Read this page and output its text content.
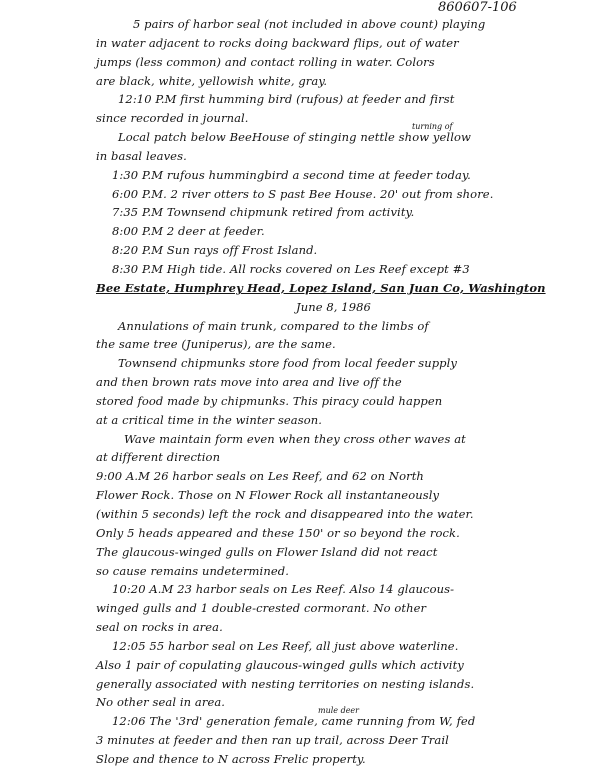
860607-106
turning of
mule deer
5 pairs of harbor seal (not included in above count) playing
in water adjacent to rocks doing backward flips, out of water
jumps (less common) and contact rolling in water. Colors
are black, white, yellowish white, gray.
12:10 P.M first humming bird (rufous) at feeder and first
since recorded in journal.
Local patch below BeeHouse of stinging nettle show yellow
in basal leaves.
1:30 P.M rufous hummingbird a second time at feeder today.
6:00 P.M. 2 river otters to S past Bee House. 20' out from shore.
7:35 P.M Townsend chipmunk retired from activity.
8:00 P.M 2 deer at feeder.
8:20 P.M Sun rays off Frost Island.
8:30 P.M High tide. All rocks covered on Les Reef except #3
Bee Estate, Humphrey Head, Lopez Island, San Juan Co, Washington
June 8, 1986
Annulations of main trunk, compared to the limbs of
the same tree (Juniperus), are the same.
Townsend chipmunks store food from local feeder supply
and then brown rats move into area and live off the
stored food made by chipmunks. This piracy could happen
at a critical time in the winter season.
Wave maintain form even when they cross other waves at
at different direction
9:00 A.M 26 harbor seals on Les Reef, and 62 on North
Flower Rock. Those on N Flower Rock all instantaneously
(within 5 seconds) left the rock and disappeared into the water.
Only 5 heads appeared and these 150' or so beyond the rock.
The glaucous-winged gulls on Flower Island did not react
so cause remains undetermined.
10:20 A.M 23 harbor seals on Les Reef. Also 14 glaucous-
winged gulls and 1 double-crested cormorant. No other
seal on rocks in area.
12:05 55 harbor seal on Les Reef, all just above waterline.
Also 1 pair of copulating glaucous-winged gulls which activity
generally associated with nesting territories on nesting islands.
No other seal in area.
12:06 The '3rd' generation female, came running from W, fed
3 minutes at feeder and then ran up trail, across Deer Trail
Slope and thence to N across Frelic property.
